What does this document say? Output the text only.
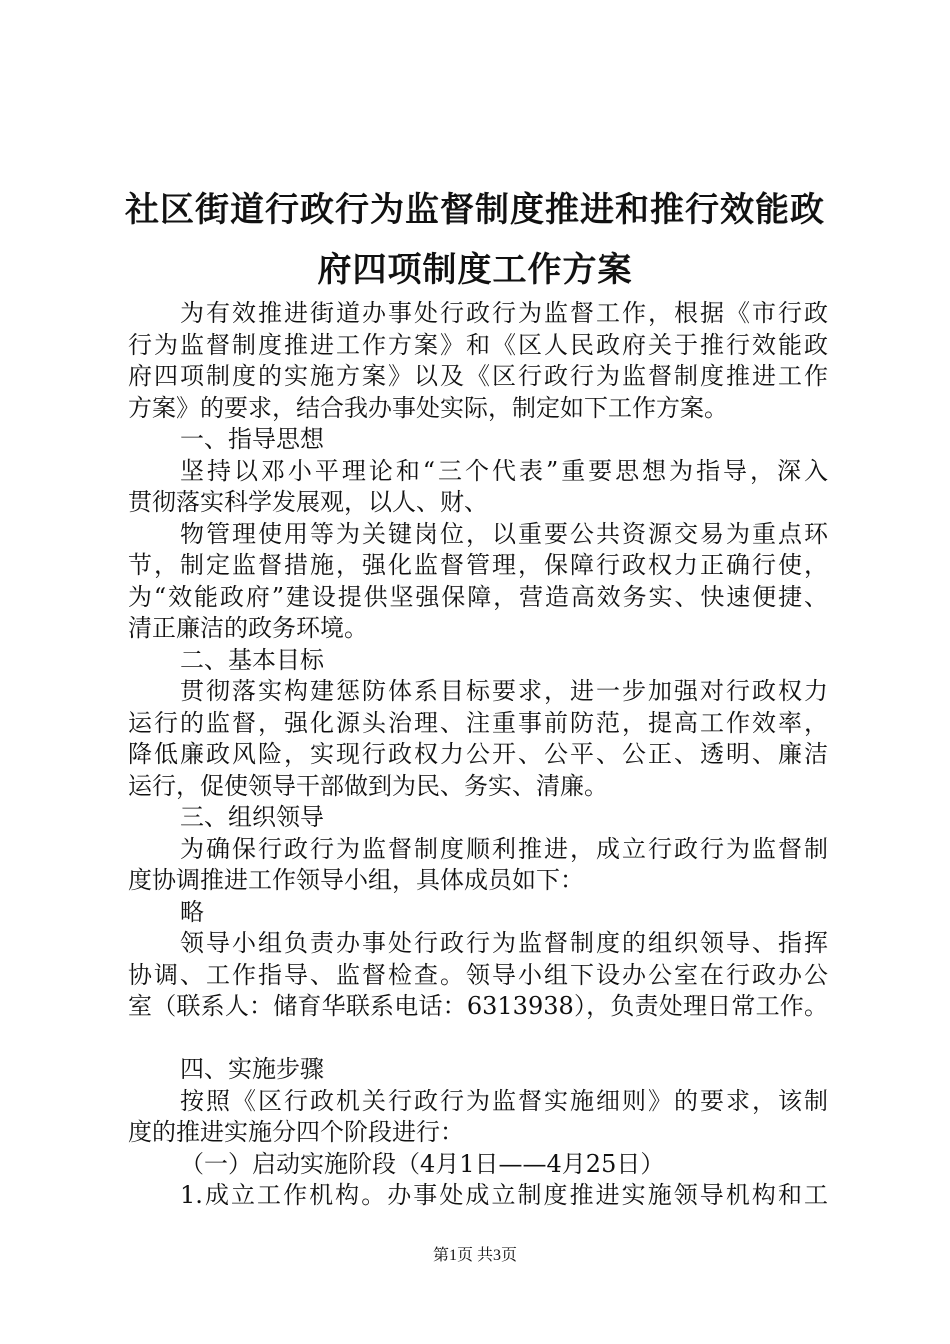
社区街道行政行为监督制度推进和推行效能政
府四项制度工作方案
为有效推进街道办事处行政行为监督工作，根据《市行政
行为监督制度推进工作方案》和《区人民政府关于推行效能政
府四项制度的实施方案》以及《区行政行为监督制度推进工作
方案》的要求，结合我办事处实际，制定如下工作方案。
一、指导思想
坚持以邓小平理论和“三个代表”重要思想为指导，深入
贯彻落实科学发展观，以人、财、
物管理使用等为关键岗位，以重要公共资源交易为重点环
节，制定监督措施，强化监督管理，保障行政权力正确行使，
为“效能政府”建设提供坚强保障，营造高效务实、快速便捷、
清正廉洁的政务环境。
二、基本目标
贯彻落实构建惩防体系目标要求，进一步加强对行政权力
运行的监督，强化源头治理、注重事前防范，提高工作效率，
降低廉政风险，实现行政权力公开、公平、公正、透明、廉洁
运行，促使领导干部做到为民、务实、清廉。
三、组织领导
为确保行政行为监督制度顺利推进，成立行政行为监督制
度协调推进工作领导小组，具体成员如下：
略
领导小组负责办事处行政行为监督制度的组织领导、指挥
协调、工作指导、监督检查。领导小组下设办公室在行政办公
室（联系人：储育华联系电话：6313938），负责处理日常工作。
四、实施步骤
按照《区行政机关行政行为监督实施细则》的要求，该制
度的推进实施分四个阶段进行：
（一）启动实施阶段（4月1日——4月25日）
1.成立工作机构。办事处成立制度推进实施领导机构和工
第1页 共3页
